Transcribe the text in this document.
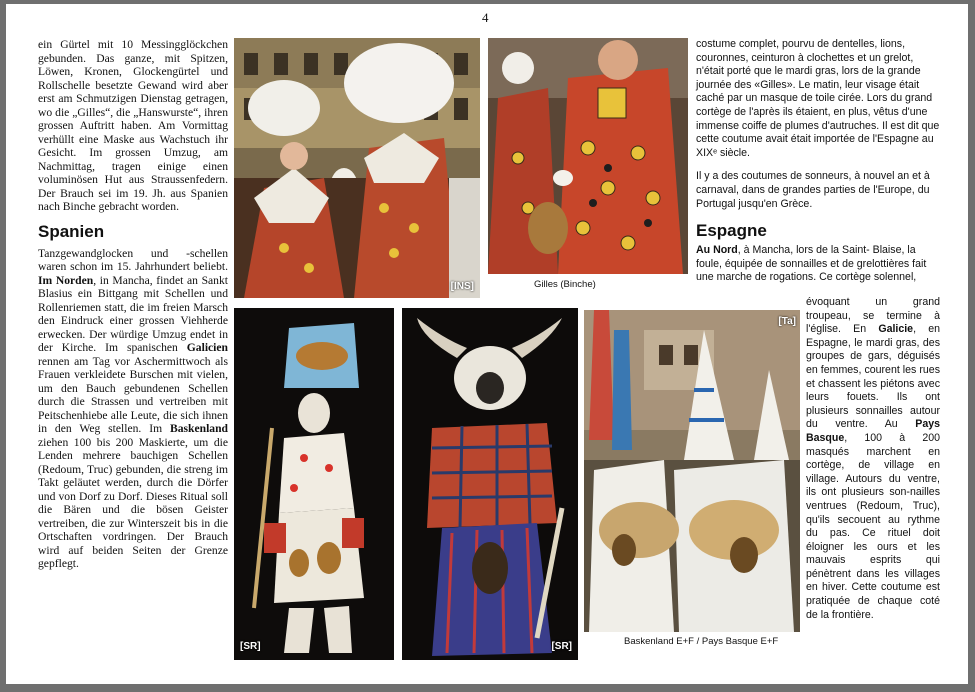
4

ein Gürtel mit 10 Messingglöckchen gebunden. Das ganze, mit Spitzen, Löwen, Kronen, Glockengürtel und Rollschelle besetzte Gewand wird aber erst am Schmutzigen Dienstag getragen, wo die „Gilles“, die „Hanswurste“, ihren grossen Auftritt haben. Am Vormittag verhüllt eine Maske aus Wachstuch ihr Gesicht. Im grossen Umzug, am Nachmittag, tragen einige einen voluminösen Hut aus Straussenfedern. Der Brauch sei im 19. Jh. aus Spanien nach Binche gebracht worden.

Spanien

Tanzgewandglocken und -schellen waren schon im 15. Jahrhundert beliebt. Im Norden, in Mancha, findet an Sankt Blasius ein Bittgang mit Schellen und Rollenriemen statt, die im freien Marsch den Eindruck einer grossen Viehherde erwecken. Der würdige Umzug endet in der Kirche. Im spanischen Galicien rennen am Tag vor Aschermittwoch als Frauen verkleidete Burschen mit vielen, um den Bauch gebundenen Schellen durch die Strassen und vertreiben mit Peitschenhiebe alle Leute, die sich ihnen in den Weg stellen. Im Baskenland ziehen 100 bis 200 Maskierte, um die Lenden mehrere bauchigen Schellen (Redoum, Truc) gebunden, die streng im Takt geläutet werden, durch die Dörfer und von Dorf zu Dorf. Dieses Ritual soll die Bären und die bösen Geister vertreiben, die zur Winterszeit bis in die Ortschaften vordringen. Der Brauch wird auf beiden Seiten der Grenze gepflegt.

[INS]	Gilles (Binche)

costume complet, pourvu de dentelles, lions, couronnes, ceinturon à clochettes et un grelot, n'était porté que le mardi gras, lors de la grande journée des «Gilles». Le matin, leur visage était caché par un masque de toile cirée. Lors du grand cortège de l'après ils étaient, en plus, vêtus d'une immense coiffe de plumes d'autruches. Il est dit que cette coutume avait était importée de l'Espagne au XIXᵉ siècle.

Il y a des coutumes de sonneurs, à nouvel an et à carnaval, dans de grandes parties de l'Europe, du Portugal jusqu'en Grèce.

Espagne

Au Nord, à Mancha, lors de la Saint- Blaise, la foule, équipée de sonnailles et de grelottières fait une marche de rogations. Ce cortège solennel,

évoquant un grand troupeau, se termine à l'église. En Galicie, en Espagne, le mardi gras, des groupes de gars, déguisés en femmes, courent les rues et chassent les piétons avec leurs fouets. Ils ont plusieurs sonnailles autour du ventre. Au Pays Basque, 100 à 200 masqués marchent en cortège, de village en village. Autours du ventre, ils ont plusieurs son-nailles ventrues (Redoum, Truc), qu'ils secouent au rythme du pas. Ce rituel doit éloigner les ours et les mauvais esprits qui pénètrent dans les villages en hiver. Cette coutume est pratiquée de chaque coté de la frontière.
[SR]	[SR]
[Ta]
Baskenland E+F / Pays Basque E+F
